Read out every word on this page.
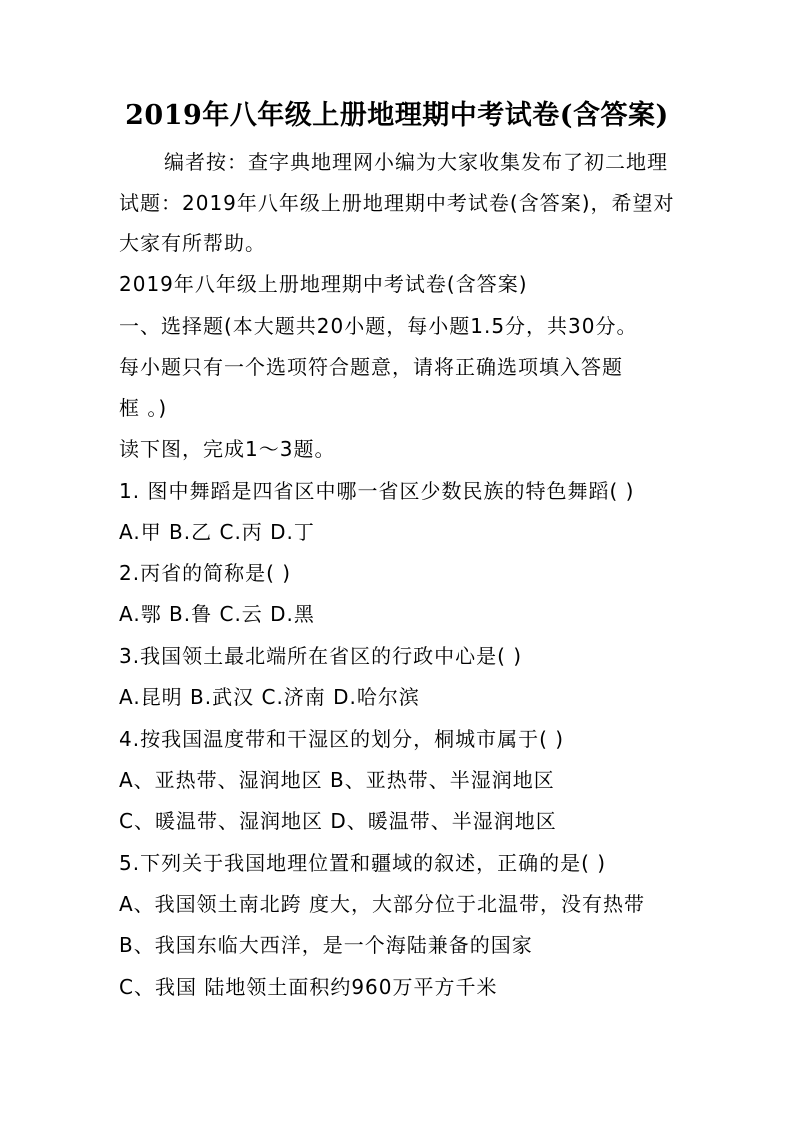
2019年八年级上册地理期中考试卷(含答案)
编者按：查字典地理网小编为大家收集发布了初二地理
试题：2019年八年级上册地理期中考试卷(含答案)，希望对
大家有所帮助。
2019年八年级上册地理期中考试卷(含答案)
一、选择题(本大题共20小题，每小题1.5分，共30分。
每小题只有一个选项符合题意，请将正确选项填入答题
框 。)
读下图，完成1～3题。
1. 图中舞蹈是四省区中哪一省区少数民族的特色舞蹈( )
A.甲 B.乙 C.丙 D.丁
2.丙省的简称是( )
A.鄂 B.鲁 C.云 D.黑
3.我国领土最北端所在省区的行政中心是( )
A.昆明 B.武汉 C.济南 D.哈尔滨
4.按我国温度带和干湿区的划分，桐城市属于( )
A、亚热带、湿润地区 B、亚热带、半湿润地区
C、暖温带、湿润地区 D、暖温带、半湿润地区
5.下列关于我国地理位置和疆域的叙述，正确的是( )
A、我国领土南北跨 度大，大部分位于北温带，没有热带
B、我国东临大西洋，是一个海陆兼备的国家
C、我国 陆地领土面积约960万平方千米
